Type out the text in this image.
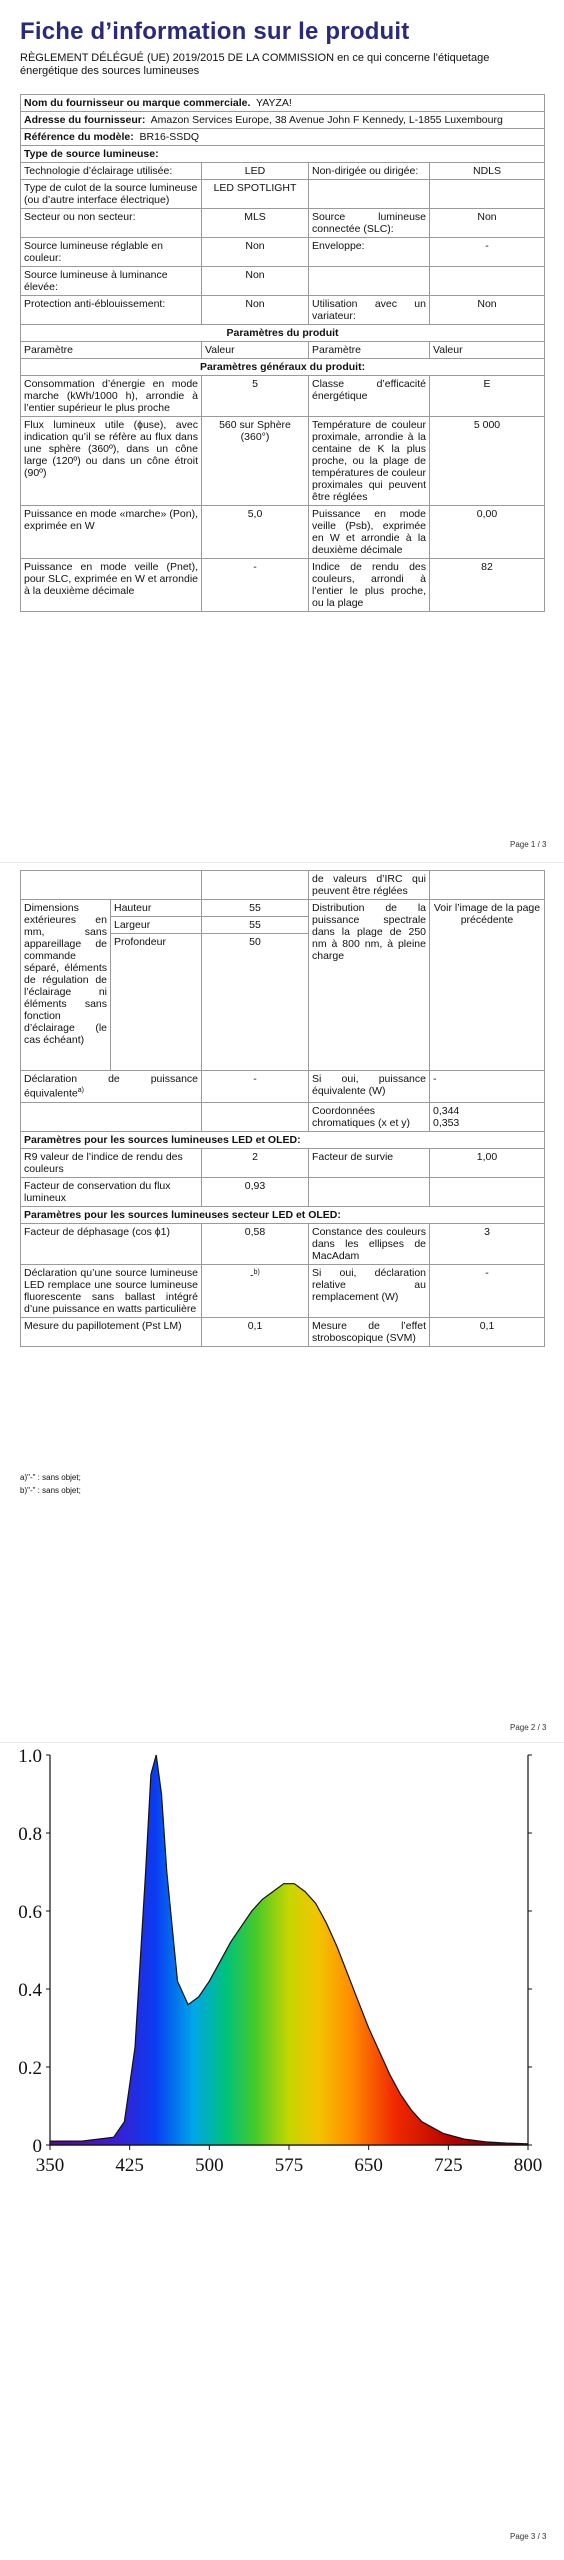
Fiche d’information sur le produit
RÈGLEMENT DÉLÉGUÉ (UE) 2019/2015 DE LA COMMISSION en ce qui concerne l’étiquetage énergétique des sources lumineuses
Nom du fournisseur ou marque commerciale. YAYZA!			
Adresse du fournisseur: Amazon Services Europe, 38 Avenue John F Kennedy, L-1855 Luxembourg			
Référence du modèle: BR16-SSDQ			
Type de source lumineuse:			
Technologie d’éclairage utilisée:	LED	Non-dirigée ou dirigée:	NDLS
Type de culot de la source lumineuse (ou d’autre interface électrique)	LED SPOTLIGHT		
Secteur ou non secteur:	MLS	Source lumineuse connectée (SLC):	Non
Source lumineuse réglable en couleur:	Non	Enveloppe:	-
Source lumineuse à luminance élevée:	Non		
Protection anti-éblouissement:	Non	Utilisation avec un variateur:	Non
Paramètres du produit			
Paramètre	Valeur	Paramètre	Valeur
Paramètres généraux du produit:			
Consommation d’énergie en mode marche (kWh/1000 h), arrondie à l’entier supérieur le plus proche	5	Classe d’efficacité énergétique	E
Flux lumineux utile (ɸuse), avec indication qu’il se réfère au flux dans une sphère (360º), dans un cône large (120º) ou dans un cône étroit (90º)	560 sur Sphère (360°)	Température de couleur proximale, arrondie à la centaine de K la plus proche, ou la plage de températures de couleur proximales qui peuvent être réglées	5 000
Puissance en mode «marche» (Pon), exprimée en W	5,0	Puissance en mode veille (Psb), exprimée en W et arrondie à la deuxième décimale	0,00
Puissance en mode veille (Pnet), pour SLC, exprimée en W et arrondie à la deuxième décimale	-	Indice de rendu des couleurs, arrondi à l’entier le plus proche, ou la plage	82
Page 1 / 3
			de valeurs d’IRC qui peuvent être réglées	
Dimensions extérieures en mm, sans appareillage de commande séparé, éléments de régulation de l’éclairage ni éléments sans fonction d’éclairage (le cas échéant)	Hauteur	55	Distribution de la puissance spectrale dans la plage de 250 nm à 800 nm, à pleine charge	Voir l’image de la page précédente
	Largeur	55		
	Profondeur	50		
Déclaration de puissance équivalente$^{a)}$		-	Si oui, puissance équivalente (W)	-
			Coordonnées chromatiques (x et y)	0,344
0,353

Paramètres pour les sources lumineuses LED et OLED:				
R9 valeur de l’indice de rendu des couleurs		2	Facteur de survie	1,00
Facteur de conservation du flux lumineux		0,93		
Paramètres pour les sources lumineuses secteur LED et OLED:				
Facteur de déphasage (cos ϕ1)		0,58	Constance des couleurs dans les ellipses de MacAdam	3
Déclaration qu’une source lumineuse LED remplace une source lumineuse fluorescente sans ballast intégré d’une puissance en watts particulière		-$^{b)}$	Si oui, déclaration relative au remplacement (W)	-
Mesure du papillotement (Pst LM)		0,1	Mesure de l’effet stroboscopique (SVM)	0,1
a)"-" : sans objet;
b)"-" : sans objet;
Page 2 / 3
0
0.2
0.4
0.6
0.8
1.0
350	425	500	575	650	725	800
Page 3 / 3
